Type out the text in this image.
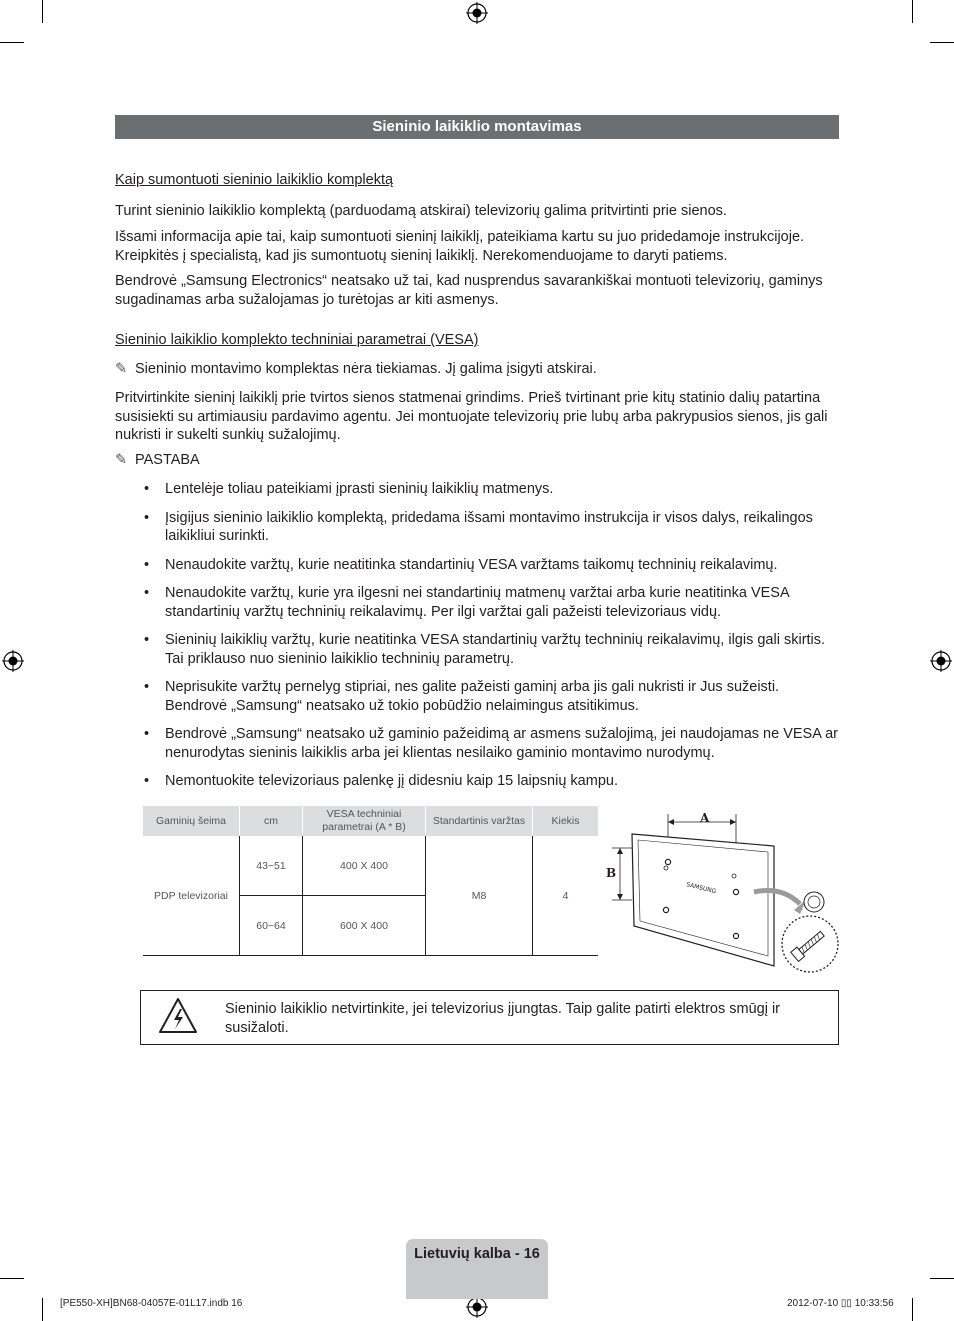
Sieninio laikiklio montavimas
Kaip sumontuoti sieninio laikiklio komplektą
Turint sieninio laikiklio komplektą (parduodamą atskirai) televizorių galima pritvirtinti prie sienos.
Išsami informacija apie tai, kaip sumontuoti sieninį laikiklį, pateikiama kartu su juo pridedamoje instrukcijoje. Kreipkitės į specialistą, kad jis sumontuotų sieninį laikiklį. Nerekomenduojame to daryti patiems.
Bendrovė „Samsung Electronics“ neatsako už tai, kad nusprendus savarankiškai montuoti televizorių, gaminys sugadinamas arba sužalojamas jo turėtojas ar kiti asmenys.
Sieninio laikiklio komplekto techniniai parametrai (VESA)
✎ Sieninio montavimo komplektas nėra tiekiamas. Jį galima įsigyti atskirai.
Pritvirtinkite sieninį laikiklį prie tvirtos sienos statmenai grindims. Prieš tvirtinant prie kitų statinio dalių patartina susisiekti su artimiausiu pardavimo agentu. Jei montuojate televizorių prie lubų arba pakrypusios sienos, jis gali nukristi ir sukelti sunkių sužalojimų.
✎ PASTABA
• Lentelėje toliau pateikiami įprasti sieninių laikiklių matmenys.
• Įsigijus sieninio laikiklio komplektą, pridedama išsami montavimo instrukcija ir visos dalys, reikalingos laikikliui surinkti.
• Nenaudokite varžtų, kurie neatitinka standartinių VESA varžtams taikomų techninių reikalavimų.
• Nenaudokite varžtų, kurie yra ilgesni nei standartinių matmenų varžtai arba kurie neatitinka VESA standartinių varžtų techninių reikalavimų. Per ilgi varžtai gali pažeisti televizoriaus vidų.
• Sieninių laikiklių varžtų, kurie neatitinka VESA standartinių varžtų techninių reikalavimų, ilgis gali skirtis. Tai priklauso nuo sieninio laikiklio techninių parametrų.
• Neprisukite varžtų pernelyg stipriai, nes galite pažeisti gaminį arba jis gali nukristi ir Jus sužeisti. Bendrovė „Samsung“ neatsako už tokio pobūdžio nelaimingus atsitikimus.
• Bendrovė „Samsung“ neatsako už gaminio pažeidimą ar asmens sužalojimą, jei naudojamas ne VESA ar nenurodytas sieninis laikiklis arba jei klientas nesilaiko gaminio montavimo nurodymų.
• Nemontuokite televizoriaus palenkę jį didesniu kaip 15 laipsnių kampu.
Gaminių šeima	cm	VESA techniniai parametrai (A * B)	Standartinis varžtas	Kiekis
PDP televizoriai	43~51	400 X 400	M8	4
	60~64	600 X 400		
A
B
SAMSUNG
Sieninio laikiklio netvirtinkite, jei televizorius įjungtas. Taip galite patirti elektros smūgį ir susižaloti.
Lietuvių kalba - 16
[PE550-XH]BN68-04057E-01L17.indb 16	2012-07-10 ▯▯ 10:33:56
